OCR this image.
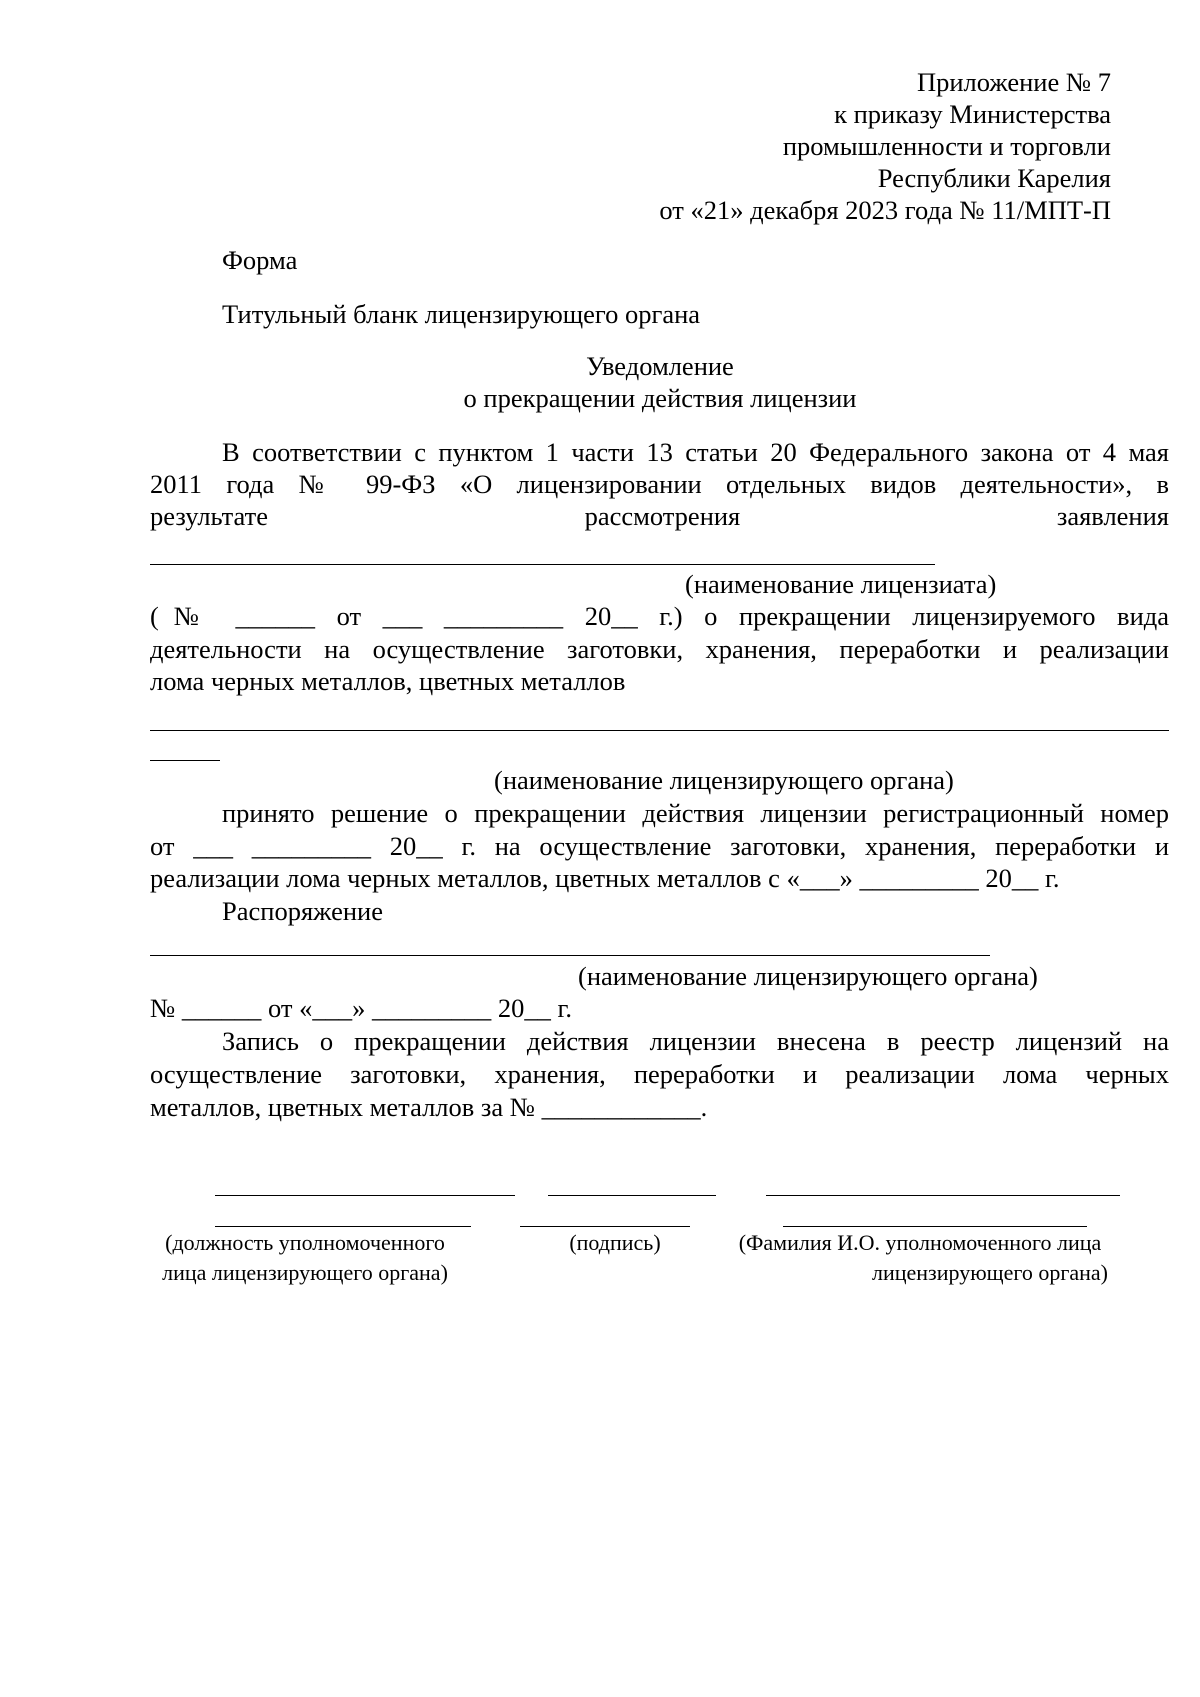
Приложение № 7
к приказу Министерства
промышленности и торговли
Республики Карелия
от «21» декабря 2023 года № 11/МПТ-П
Форма
Титульный бланк лицензирующего органа
Уведомление
о прекращении действия лицензии
В соответствии с пунктом 1 части 13 статьи 20 Федерального закона от 4 мая
2011 года № 99-ФЗ «О лицензировании отдельных видов деятельности», в
результате рассмотрения заявления
(наименование лицензиата)
(№ ______ от ___ _________ 20__ г.) о прекращении лицензируемого вида
деятельности на осуществление заготовки, хранения, переработки и реализации
лома черных металлов, цветных металлов
(наименование лицензирующего органа)
принято решение о прекращении действия лицензии регистрационный номер
от ___ _________ 20__ г. на осуществление заготовки, хранения, переработки и
реализации лома черных металлов, цветных металлов с «___» _________ 20__ г.
Распоряжение
(наименование лицензирующего органа)
№ ______ от «___» _________ 20__ г.
Запись о прекращении действия лицензии внесена в реестр лицензий на
осуществление заготовки, хранения, переработки и реализации лома черных
металлов, цветных металлов за № ____________.
(должность уполномоченного
лица лицензирующего органа)
(подпись)	(Фамилия И.О. уполномоченного лица
лицензирующего органа)
